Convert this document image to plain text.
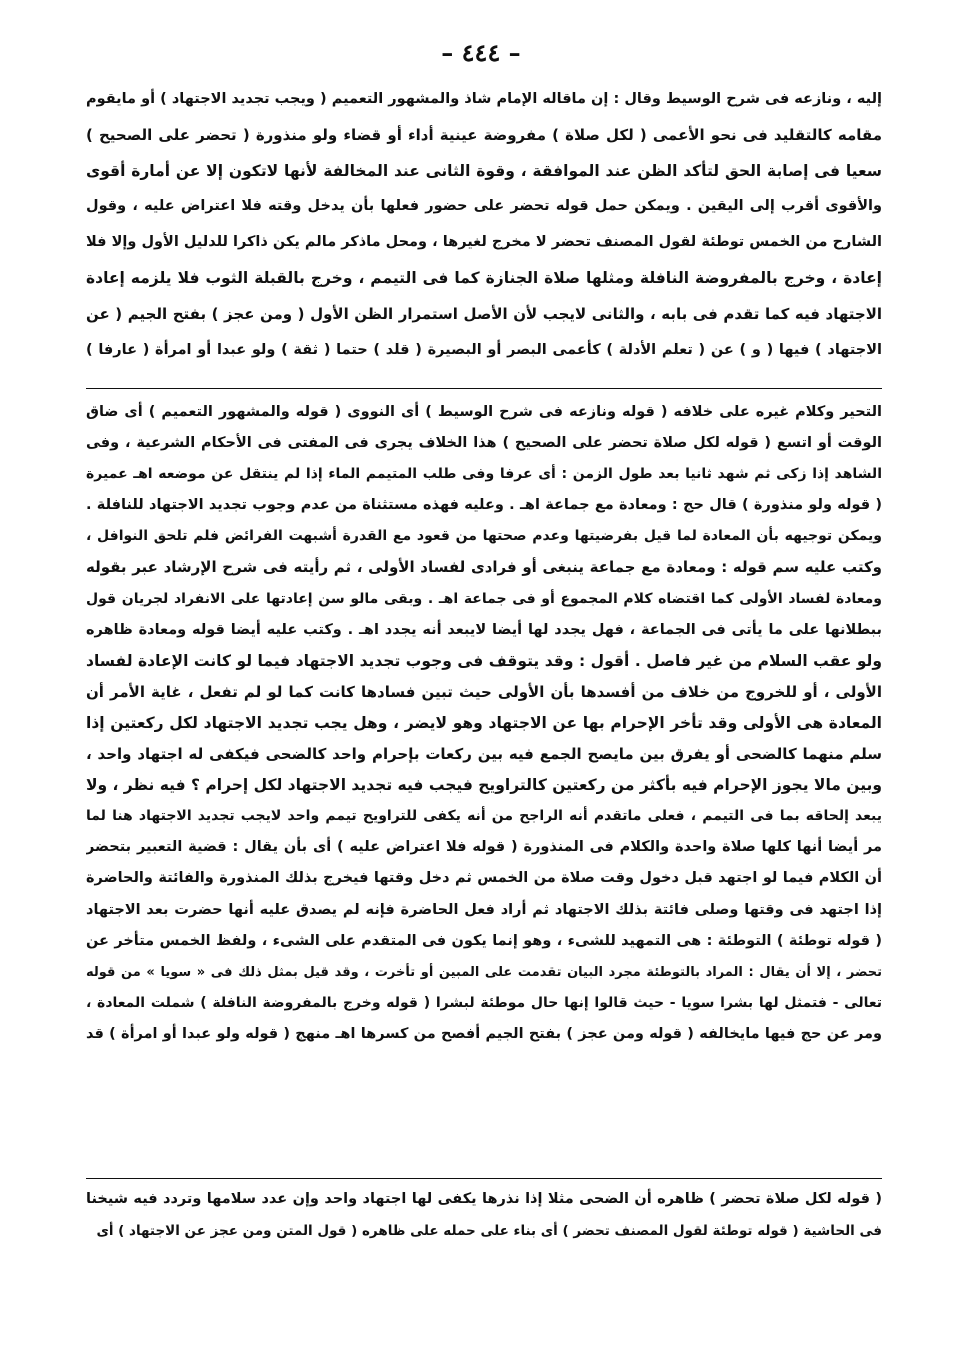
– ٤٤٤ –
إليه ، ونازعه فى شرح الوسيط وقال : إن ماقاله الإمام شاذ والمشهور التعميم ( ويجب تجديد الاجتهاد ) أو مايقوم
مقامه كالتقليد فى نحو الأعمى ( لكل صلاة ) مفروضة عينية أداء أو قضاء ولو منذورة ( تحضر على الصحيح )
سعيا فى إصابة الحق لتأكد الظن عند الموافقة ، وقوة الثانى عند المخالفة لأنها لاتكون إلا عن أمارة أقوى
والأقوى أقرب إلى اليقين . ويمكن حمل قوله تحضر على حضور فعلها بأن يدخل وقته فلا اعتراض عليه ، وقول
الشارح من الخمس توطئة لقول المصنف تحضر لا مخرج لغيرها ، ومحل ماذكر مالم يكن ذاكرا للدليل الأول وإلا فلا
إعادة ، وخرج بالمفروضة النافلة ومثلها صلاة الجنازة كما فى التيمم ، وخرج بالقبلة الثوب فلا يلزمه إعادة
الاجتهاد فيه كما تقدم فى بابه ، والثانى لايجب لأن الأصل استمرار الظن الأول ( ومن عجز ) بفتح الجيم ( عن
الاجتهاد ) فيها ( و ) عن ( تعلم الأدلة ) كأعمى البصر أو البصيرة ( قلد ) حتما ( ثقة ) ولو عبدا أو امرأة ( عارفا )
التحير وكلام غيره على خلافه ( قوله ونازعه فى شرح الوسيط ) أى النووى ( قوله والمشهور التعميم ) أى ضاق
الوقت أو اتسع ( قوله لكل صلاة تحضر على الصحيح ) هذا الخلاف يجرى فى المفتى فى الأحكام الشرعية ، وفى
الشاهد إذا زكى ثم شهد ثانيا بعد طول الزمن : أى عرفا وفى طلب المتيمم الماء إذا لم ينتقل عن موضعه اهـ عميرة
( قوله ولو منذورة ) قال حج : ومعادة مع جماعة اهـ . وعليه فهذه مستثناة من عدم وجوب تجديد الاجتهاد للنافلة .
ويمكن توجيهه بأن المعادة لما قيل بفرضيتها وعدم صحتها من قعود مع القدرة أشبهت الفرائض فلم تلحق النوافل ،
وكتب عليه سم قوله : ومعادة مع جماعة ينبغى أو فرادى لفساد الأولى ، ثم رأيته فى شرح الإرشاد عبر بقوله
ومعادة لفساد الأولى كما اقتضاه كلام المجموع أو فى جماعة اهـ . وبقى مالو سن إعادتها على الانفراد لجريان قول
ببطلانها على ما يأتى فى الجماعة ، فهل يجدد لها أيضا لايبعد أنه يجدد اهـ . وكتب عليه أيضا قوله ومعادة ظاهره
ولو عقب السلام من غير فاصل . أقول : وقد يتوقف فى وجوب تجديد الاجتهاد فيما لو كانت الإعادة لفساد
الأولى ، أو للخروج من خلاف من أفسدها بأن الأولى حيث تبين فسادها كانت كما لو لم تفعل ، غاية الأمر أن
المعادة هى الأولى وقد تأخر الإحرام بها عن الاجتهاد وهو لايضر ، وهل يجب تجديد الاجتهاد لكل ركعتين إذا
سلم منهما كالضحى أو يفرق بين مايصح الجمع فيه بين ركعات بإحرام واحد كالضحى فيكفى له اجتهاد واحد ،
وبين مالا يجوز الإحرام فيه بأكثر من ركعتين كالتراويح فيجب فيه تجديد الاجتهاد لكل إحرام ؟ فيه نظر ، ولا
يبعد إلحاقه بما فى التيمم ، فعلى ماتقدم أنه الراجح من أنه يكفى للتراويح تيمم واحد لايجب تجديد الاجتهاد هنا لما
مر أيضا أنها كلها صلاة واحدة والكلام فى المنذورة ( قوله فلا اعتراض عليه ) أى بأن يقال : قضية التعبير بتحضر
أن الكلام فيما لو اجتهد قبل دخول وقت صلاة من الخمس ثم دخل وقتها فيخرج بذلك المنذورة والفائتة والحاضرة
إذا اجتهد فى وقتها وصلى فائتة بذلك الاجتهاد ثم أراد فعل الحاضرة فإنه لم يصدق عليه أنها حضرت بعد الاجتهاد
( قوله توطئة ) التوطئة : هى التمهيد للشىء ، وهو إنما يكون فى المتقدم على الشىء ، ولفظ الخمس متأخر عن
تحضر ، إلا أن يقال : المراد بالتوطئة مجرد البيان تقدمت على المبين أو تأخرت ، وقد قيل بمثل ذلك فى « سويا » من قوله
تعالى - فتمثل لها بشرا سويا - حيث قالوا إنها حال موطئة لبشرا ( قوله وخرج بالمفروضة النافلة ) شملت المعادة ،
ومر عن حج فيها مايخالفه ( قوله ومن عجز ) بفتح الجيم أفصح من كسرها اهـ منهج ( قوله ولو عبدا أو امرأة ) قد
( قوله لكل صلاة تحضر ) ظاهره أن الضحى مثلا إذا نذرها يكفى لها اجتهاد واحد وإن عدد سلامها وتردد فيه شيخنا
فى الحاشية ( قوله توطئة لقول المصنف تحضر ) أى بناء على حمله على ظاهره ( قول المتن ومن عجز عن الاجتهاد ) أى
